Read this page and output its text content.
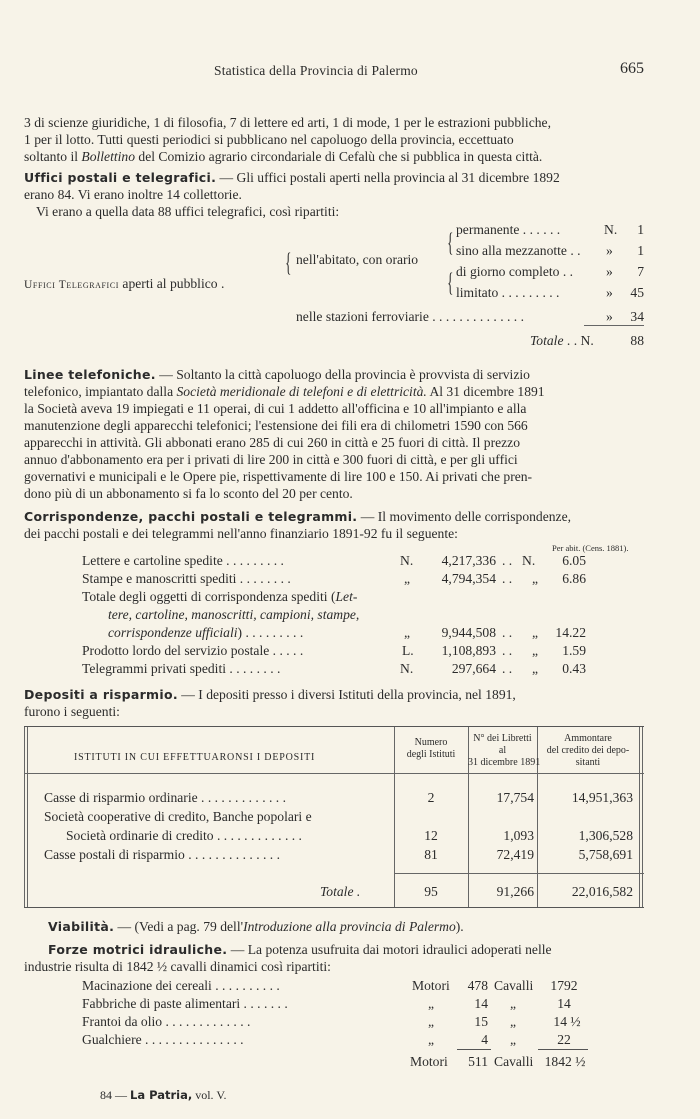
Statistica della Provincia di Palermo	665

3 di scienze giuridiche, 1 di filosofia, 7 di lettere ed arti, 1 di mode, 1 per le estrazioni pubbliche,
1 per il lotto. Tutti questi periodici si pubblicano nel capoluogo della provincia, eccettuato
soltanto il Bollettino del Comizio agrario circondariale di Cefalù che si pubblica in questa città.

Uffici postali e telegrafici. — Gli uffici postali aperti nella provincia al 31 dicembre 1892
erano 84. Vi erano inoltre 14 collettorie.
Vi erano a quella data 88 uffici telegrafici, così ripartiti:

Uffici Telegrafici aperti al pubblico .
{ nell'abitato, con orario
{
{
permanente . . . . . .	N. 1
sino alla mezzanotte . . » 1
di giorno completo . . »	7
limitato . . . . . . . . .	»	45
nelle stazioni ferroviarie . . . . . . . . . . . . . .	»	34
Totale . . N.	88

Linee telefoniche. — Soltanto la città capoluogo della provincia è provvista di servizio
telefonico, impiantato dalla Società meridionale di telefoni e di elettricità. Al 31 dicembre 1891
la Società aveva 19 impiegati e 11 operai, di cui 1 addetto all'officina e 10 all'impianto e alla
manutenzione degli apparecchi telefonici; l'estensione dei fili era di chilometri 1590 con 566
apparecchi in attività. Gli abbonati erano 285 di cui 260 in città e 25 fuori di città. Il prezzo
annuo d'abbonamento era per i privati di lire 200 in città e 300 fuori di città, e per gli uffici
governativi e municipali e le Opere pie, rispettivamente di lire 100 e 150. Ai privati che pren-
dono più di un abbonamento si fa lo sconto del 20 per cento.

Corrispondenze, pacchi postali e telegrammi. — Il movimento delle corrispondenze,
dei pacchi postali e dei telegrammi nell'anno finanziario 1891-92 fu il seguente:

Per abit. (Cens. 1881).
Lettere e cartoline spedite . . . . . . . . .	N.	4,217,336 . . N.	6.05
Stampe e manoscritti spediti . . . . . . . .	„	4,794,354 . . „	6.86
Totale degli oggetti di corrispondenza spediti (Let-
tere, cartoline, manoscritti, campioni, stampe,
corrispondenze ufficiali) . . . . . . . . .	„	9,944,508 . . „	14.22
Prodotto lordo del servizio postale . . . . .	L.	1,108,893 . . „	1.59
Telegrammi privati spediti . . . . . . . .	N.	297,664 . . „	0.43

Depositi a risparmio. — I depositi presso i diversi Istituti della provincia, nel 1891,
furono i seguenti:

ISTITUTI IN CUI EFFETTUARONSI I DEPOSITI
Numero
degli Istituti
N° dei Libretti
al
31 dicembre 1891
Ammontare
del credito dei depo-
sitanti
Casse di risparmio ordinarie . . . . . . . . . . . . .	2	17,754	14,951,363
Società cooperative di credito, Banche popolari e
Società ordinarie di credito . . . . . . . . . . . . .	12	1,093	1,306,528
Casse postali di risparmio . . . . . . . . . . . . . .	81	72,419	5,758,691
Totale .	95	91,266	22,016,582

Viabilità. — (Vedi a pag. 79 dell'Introduzione alla provincia di Palermo).

Forze motrici idrauliche. — La potenza usufruita dai motori idraulici adoperati nelle
industrie risulta di 1842 ½ cavalli dinamici così ripartiti:

Macinazione dei cereali . . . . . . . . . .	Motori 478 Cavalli	1792
Fabbriche di paste alimentari . . . . . . .	„	14 „	14
Frantoi da olio . . . . . . . . . . . . .	„	15 „	14 ½
Gualchiere . . . . . . . . . . . . . . .	„	4 „	22
Motori	511 Cavalli 1842 ½
84 — La Patria, vol. V.
